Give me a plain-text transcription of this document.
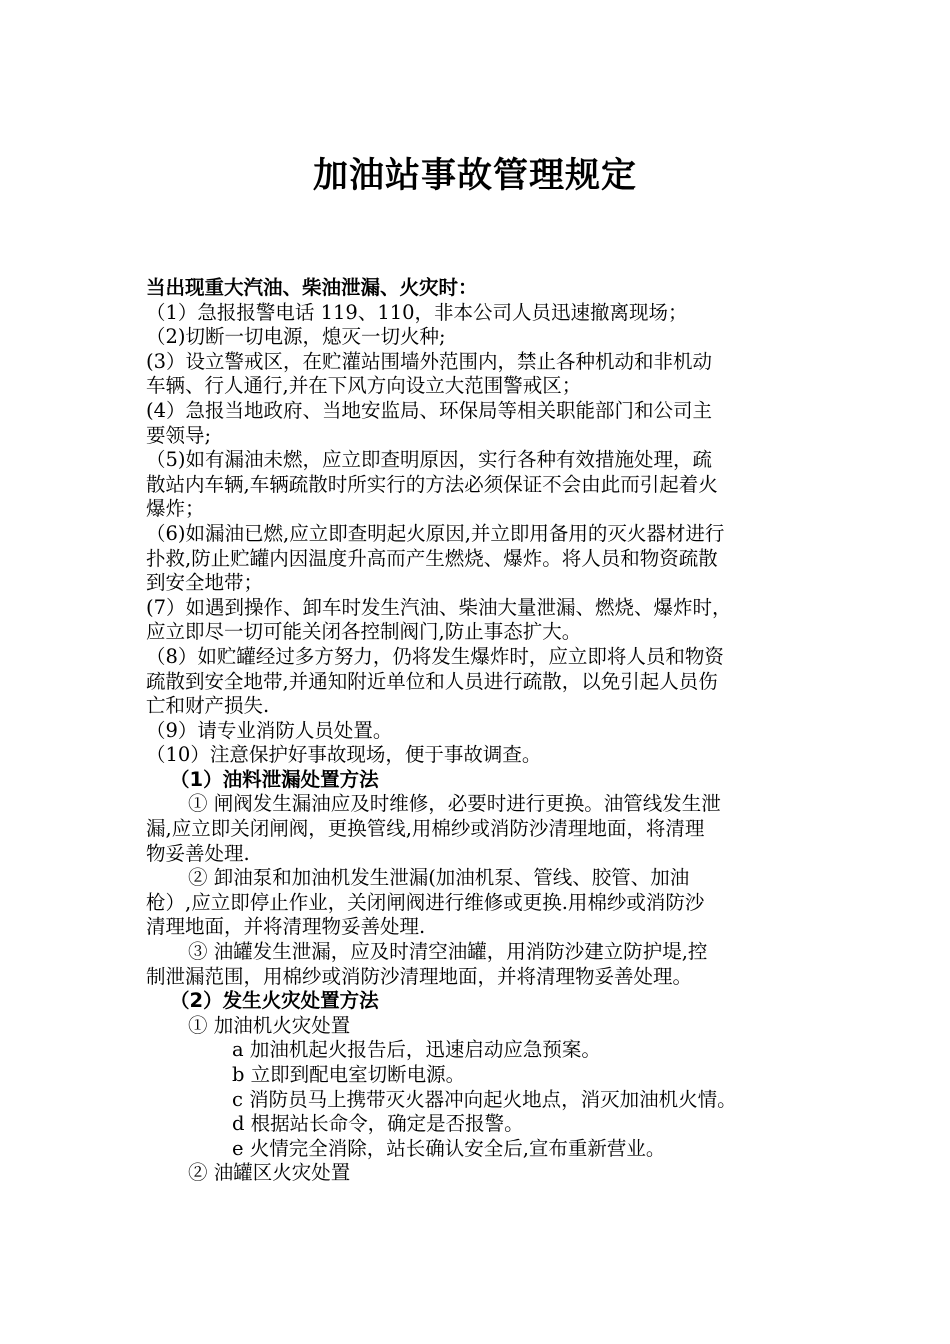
加油站事故管理规定
当出现重大汽油、柴油泄漏、火灾时：
（1）急报报警电话 119、110，非本公司人员迅速撤离现场；
（2)切断一切电源，熄灭一切火种;
(3）设立警戒区，在贮灌站围墙外范围内，禁止各种机动和非机动
车辆、行人通行,并在下风方向设立大范围警戒区；
(4）急报当地政府、当地安监局、环保局等相关职能部门和公司主
要领导;
（5)如有漏油未燃，应立即查明原因，实行各种有效措施处理，疏
散站内车辆,车辆疏散时所实行的方法必须保证不会由此而引起着火
爆炸；
（6)如漏油已燃,应立即查明起火原因,并立即用备用的灭火器材进行
扑救,防止贮罐内因温度升高而产生燃烧、爆炸。将人员和物资疏散
到安全地带；
(7）如遇到操作、卸车时发生汽油、柴油大量泄漏、燃烧、爆炸时，
应立即尽一切可能关闭各控制阀门,防止事态扩大。
（8）如贮罐经过多方努力，仍将发生爆炸时，应立即将人员和物资
疏散到安全地带,并通知附近单位和人员进行疏散，以免引起人员伤
亡和财产损失.
（9）请专业消防人员处置。
（10）注意保护好事故现场，便于事故调查。
（1）油料泄漏处置方法
① 闸阀发生漏油应及时维修，必要时进行更换。油管线发生泄
漏,应立即关闭闸阀，更换管线,用棉纱或消防沙清理地面，将清理
物妥善处理.
② 卸油泵和加油机发生泄漏(加油机泵、管线、胶管、加油
枪）,应立即停止作业，关闭闸阀进行维修或更换.用棉纱或消防沙
清理地面，并将清理物妥善处理.
③ 油罐发生泄漏，应及时清空油罐，用消防沙建立防护堤,控
制泄漏范围，用棉纱或消防沙清理地面，并将清理物妥善处理。
（2）发生火灾处置方法
① 加油机火灾处置
a 加油机起火报告后，迅速启动应急预案。
b 立即到配电室切断电源。
c 消防员马上携带灭火器冲向起火地点，消灭加油机火情。
d 根据站长命令，确定是否报警。
e 火情完全消除，站长确认安全后,宣布重新营业。
② 油罐区火灾处置
